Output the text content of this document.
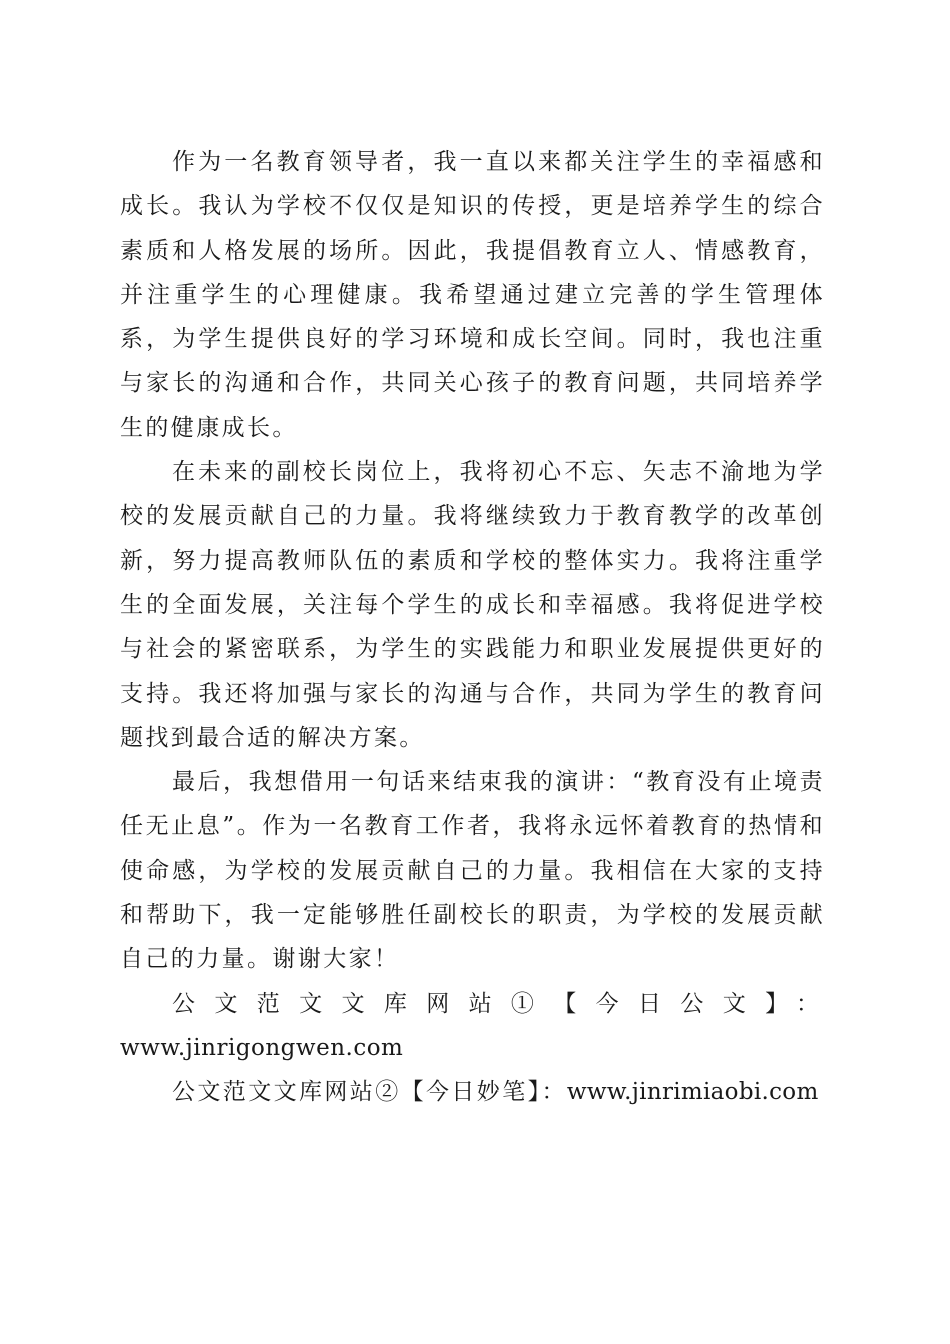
作为一名教育领导者，我一直以来都关注学生的幸福感和成长。我认为学校不仅仅是知识的传授，更是培养学生的综合素质和人格发展的场所。因此，我提倡教育立人、情感教育，并注重学生的心理健康。我希望通过建立完善的学生管理体系，为学生提供良好的学习环境和成长空间。同时，我也注重与家长的沟通和合作，共同关心孩子的教育问题，共同培养学生的健康成长。

在未来的副校长岗位上，我将初心不忘、矢志不渝地为学校的发展贡献自己的力量。我将继续致力于教育教学的改革创新，努力提高教师队伍的素质和学校的整体实力。我将注重学生的全面发展，关注每个学生的成长和幸福感。我将促进学校与社会的紧密联系，为学生的实践能力和职业发展提供更好的支持。我还将加强与家长的沟通与合作，共同为学生的教育问题找到最合适的解决方案。

最后，我想借用一句话来结束我的演讲：“教育没有止境责任无止息”。作为一名教育工作者，我将永远怀着教育的热情和使命感，为学校的发展贡献自己的力量。我相信在大家的支持和帮助下，我一定能够胜任副校长的职责，为学校的发展贡献自己的力量。谢谢大家！

公文范文文库网站①【今日公文】：

www.jinrigongwen.com

公文范文文库网站②【今日妙笔】：www.jinrimiaobi.com
